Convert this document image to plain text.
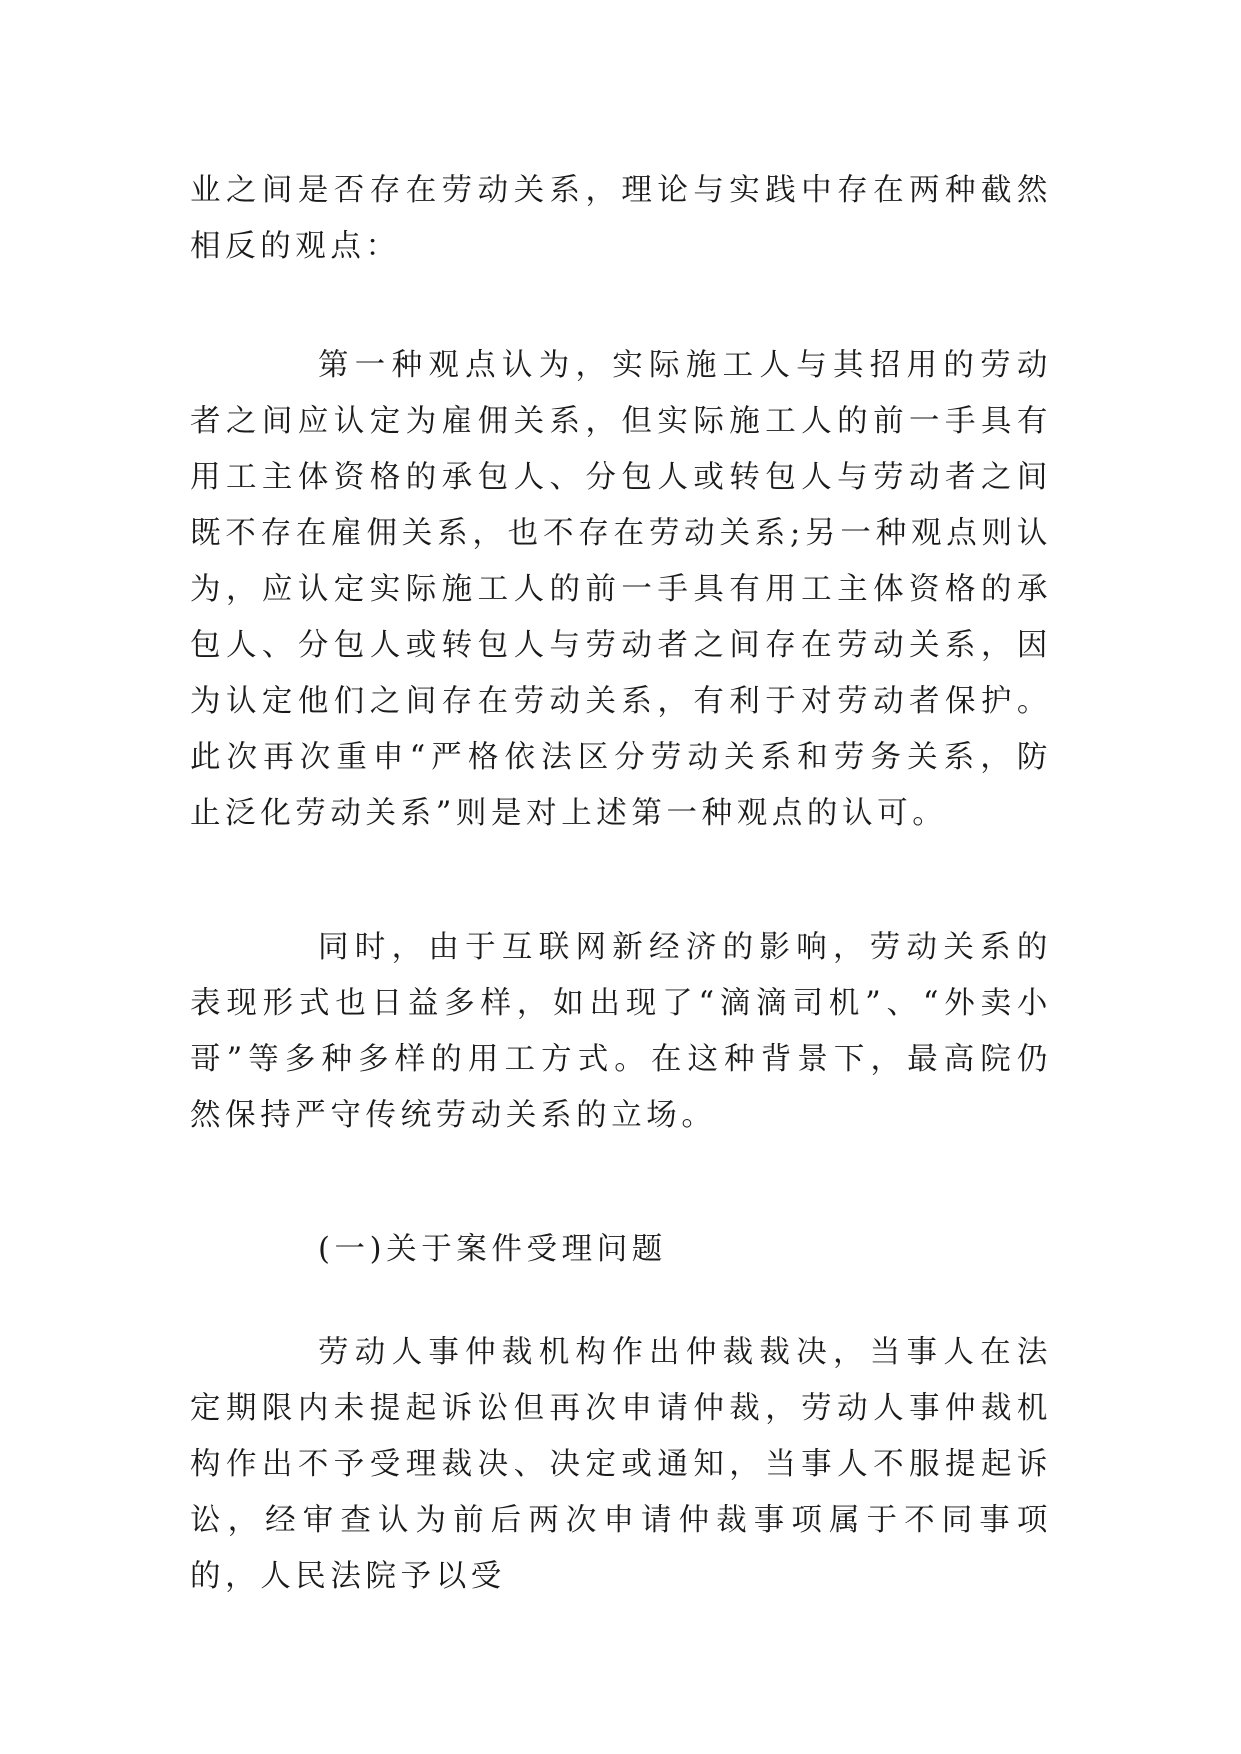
业之间是否存在劳动关系，理论与实践中存在两种截然相反的观点：

第一种观点认为，实际施工人与其招用的劳动者之间应认定为雇佣关系，但实际施工人的前一手具有用工主体资格的承包人、分包人或转包人与劳动者之间既不存在雇佣关系，也不存在劳动关系;另一种观点则认为，应认定实际施工人的前一手具有用工主体资格的承包人、分包人或转包人与劳动者之间存在劳动关系，因为认定他们之间存在劳动关系，有利于对劳动者保护。此次再次重申“严格依法区分劳动关系和劳务关系，防止泛化劳动关系”则是对上述第一种观点的认可。

同时，由于互联网新经济的影响，劳动关系的表现形式也日益多样，如出现了“滴滴司机”、“外卖小哥”等多种多样的用工方式。在这种背景下，最高院仍然保持严守传统劳动关系的立场。

(一)关于案件受理问题

劳动人事仲裁机构作出仲裁裁决，当事人在法定期限内未提起诉讼但再次申请仲裁，劳动人事仲裁机构作出不予受理裁决、决定或通知，当事人不服提起诉讼，经审查认为前后两次申请仲裁事项属于不同事项的，人民法院予以受
